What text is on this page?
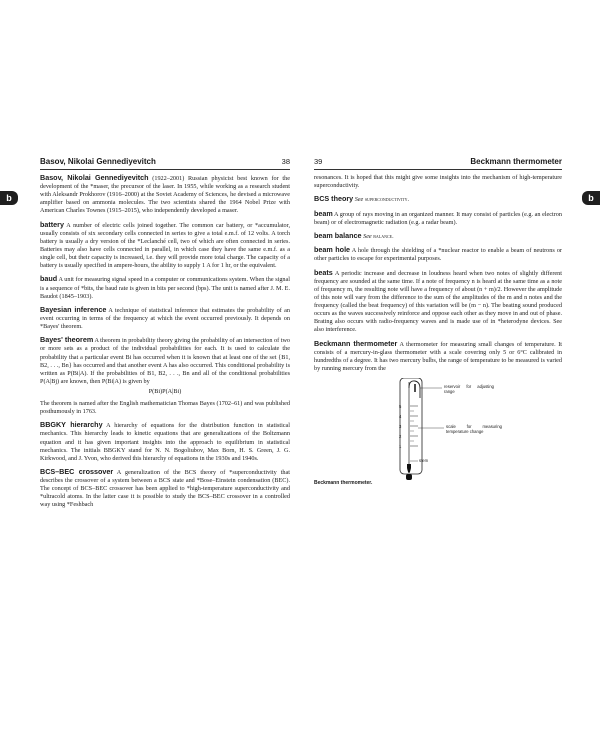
Basov, Nikolai Gennediyevitch	38
b

Basov, Nikolai Gennediyevitch (1922–2001) Russian physicist best known for the development of the *maser, the precursor of the laser. In 1955, while working as a research student with Aleksandr Prokhorov (1916–2000) at the Soviet Academy of Sciences, he devised a microwave amplifier based on ammonia molecules. The two scientists shared the 1964 Nobel Prize with American Charles Townes (1915–2015), who independently developed a maser.

battery A number of electric cells joined together. The common car battery, or *accumulator, usually consists of six secondary cells connected in series to give a total e.m.f. of 12 volts. A torch battery is usually a dry version of the *Leclanché cell, two of which are often connected in series. Batteries may also have cells connected in parallel, in which case they have the same e.m.f. as a single cell, but their capacity is increased, i.e. they will provide more total charge. The capacity of a battery is usually specified in ampere-hours, the ability to supply 1 A for 1 hr, or the equivalent.

baud A unit for measuring signal speed in a computer or communications system. When the signal is a sequence of *bits, the baud rate is given in bits per second (bps). The unit is named after J. M. E. Baudot (1845–1903).

Bayesian inference A technique of statistical inference that estimates the probability of an event occurring in terms of the frequency at which the event occurred previously. It depends on *Bayes' theorem.

Bayes' theorem A theorem in probability theory giving the probability of an intersection of two or more sets as a product of the individual probabilities for each. It is used to calculate the probability that a particular event Bi has occurred when it is known that at least one of the set {B1, B2, . . ., Bn} has occurred and that another event A has also occurred. This conditional probability is written as P(Bi|A). If the probabilities of B1, B2, . . ., Bn and all of the conditional probabilities P(A|Bj) are known, then P(Bi|A) is given by

P(Bi)P(A|Bi)

The theorem is named after the English mathematician Thomas Bayes (1702–61) and was published posthumously in 1763.

BBGKY hierarchy A hierarchy of equations for the distribution function in statistical mechanics. This hierarchy leads to kinetic equations that are generalizations of the Boltzmann equation and it has given important insights into the approach to equilibrium in statistical mechanics. The initials BBGKY stand for N. N. Bogoliubov, Max Born, H. S. Green, J. G. Kirkwood, and J. Yvon, who derived this hierarchy of equations in the 1930s and 1940s.

BCS–BEC crossover A generalization of the BCS theory of *superconductivity that describes the crossover of a system between a BCS state and *Bose–Einstein condensation (BEC). The concept of BCS–BEC crossover has been applied to *high-temperature superconductivity and *ultracold atoms. In the latter case it is possible to study the BCS–BEC crossover in a controlled way using *Feshbach

39	Beckmann thermometer
b

resonances. It is hoped that this might give some insights into the mechanism of high-temperature superconductivity.

BCS theory See superconductivity.

beam A group of rays moving in an organized manner. It may consist of particles (e.g. an electron beam) or of electromagnetic radiation (e.g. a radar beam).

beam balance See balance.

beam hole A hole through the shielding of a *nuclear reactor to enable a beam of neutrons or other particles to escape for experimental purposes.

beats A periodic increase and decrease in loudness heard when two notes of slightly different frequency are sounded at the same time. If a note of frequency n is heard at the same time as a note of frequency m, the resulting note will have a frequency of about (n + m)/2. However the amplitude of this note will vary from the difference to the sum of the amplitudes of the m and n notes and the frequency (called the beat frequency) of this variation will be (m − n). The beating sound produced occurs as the waves successively reinforce and oppose each other as they move in and out of phase. Brating also occurs with radio-frequency waves and is made use of in *heterodyne devices. See also interference.

Beckmann thermometer A thermometer for measuring small changes of temperature. It consists of a mercury-in-glass thermometer with a scale covering only 5 or 6°C calibrated in hundredths of a degree. It has two mercury bulbs, the range of temperature to be measured is varied by running mercury from the

5
4
3
2
1
reservoir for adjusting range
scale for measuring temperature change
stem
Beckmann thermometer.
